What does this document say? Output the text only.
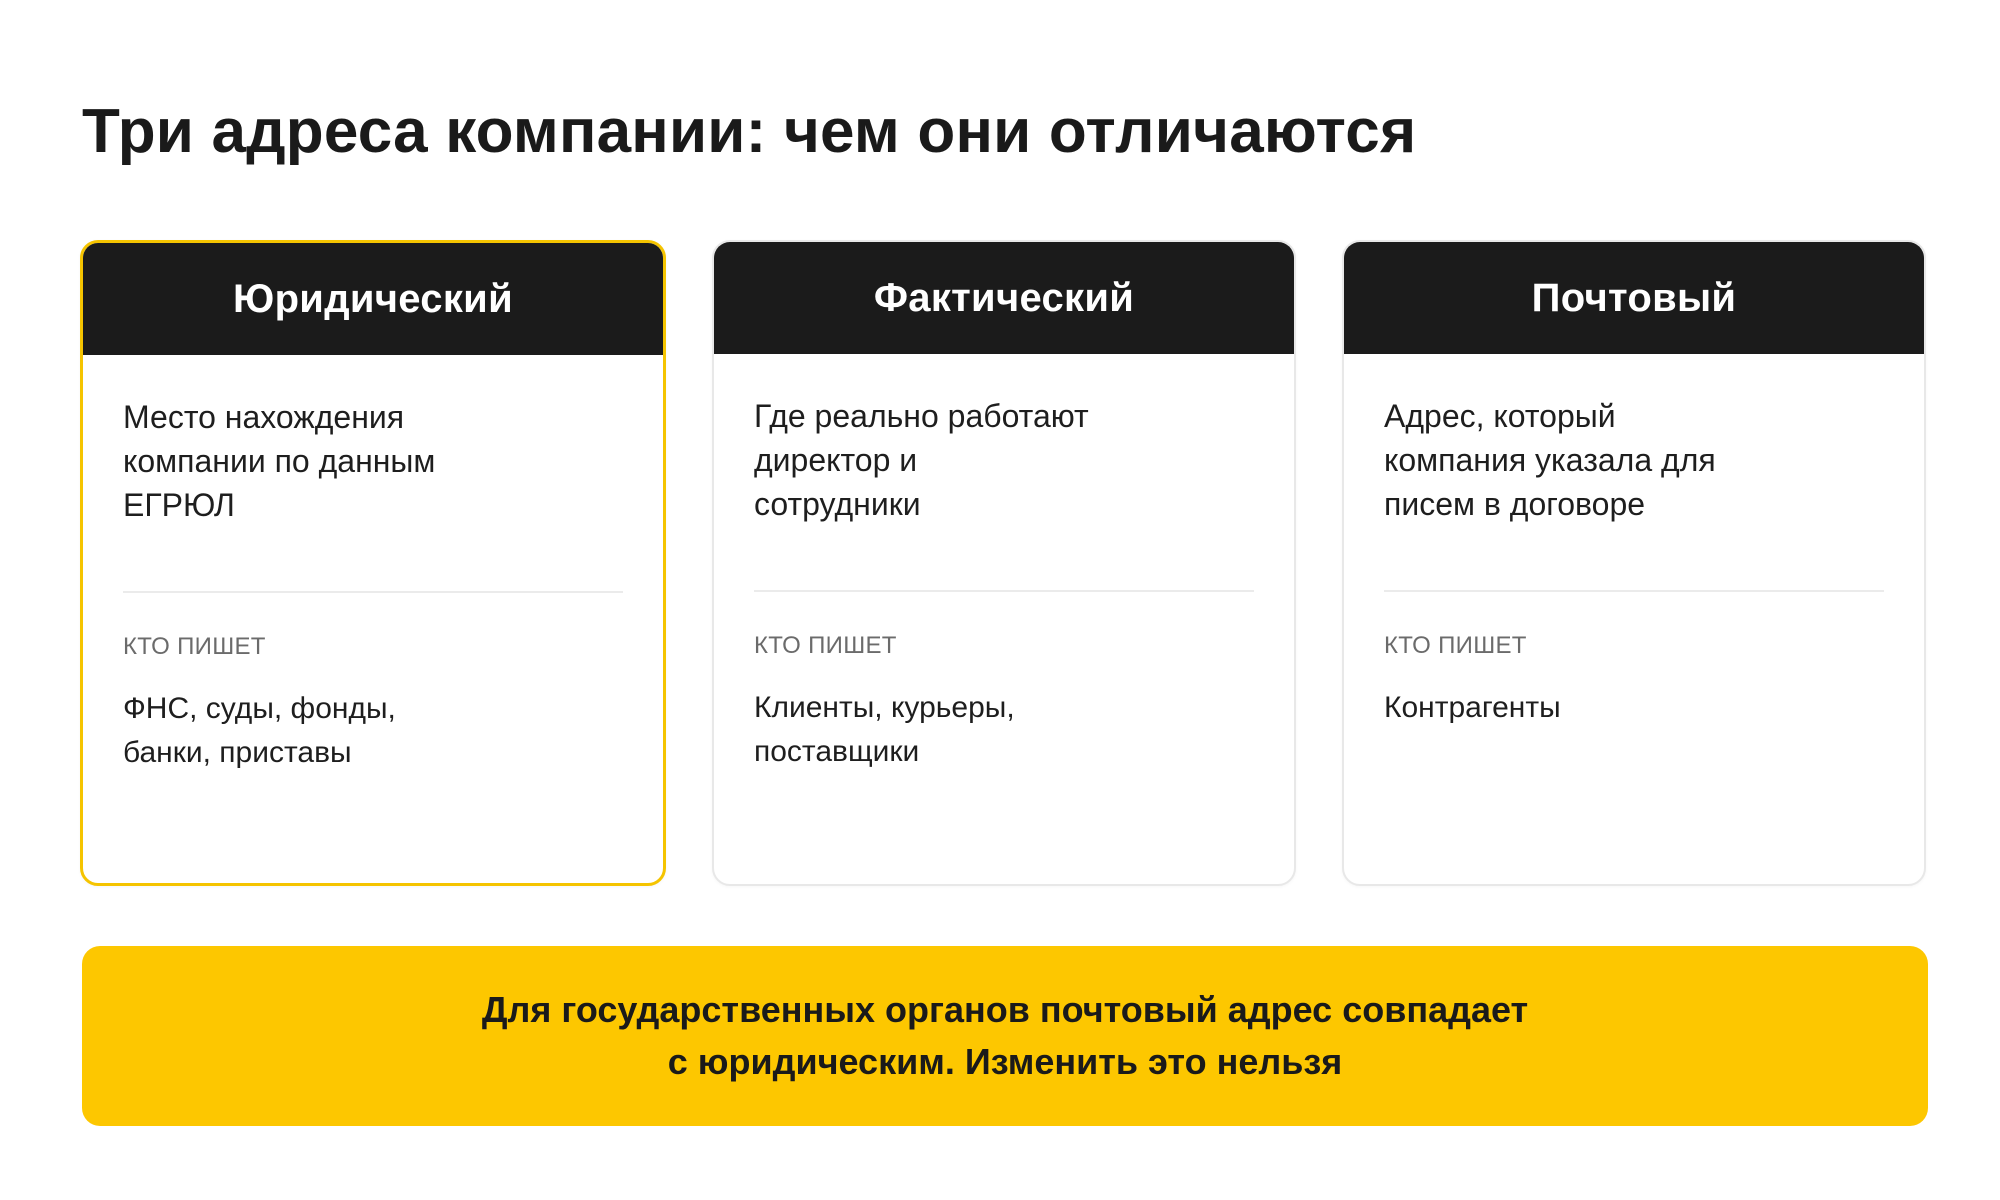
Три адреса компании: чем они отличаются
Юридический
Место нахождения
компании по данным
ЕГРЮЛ
КТО ПИШЕТ
ФНС, суды, фонды,
банки, приставы
Фактический
Где реально работают
директор и
сотрудники
КТО ПИШЕТ
Клиенты, курьеры,
поставщики
Почтовый
Адрес, который
компания указала для
писем в договоре
КТО ПИШЕТ
Контрагенты
Для государственных органов почтовый адрес совпадает
с юридическим. Изменить это нельзя
